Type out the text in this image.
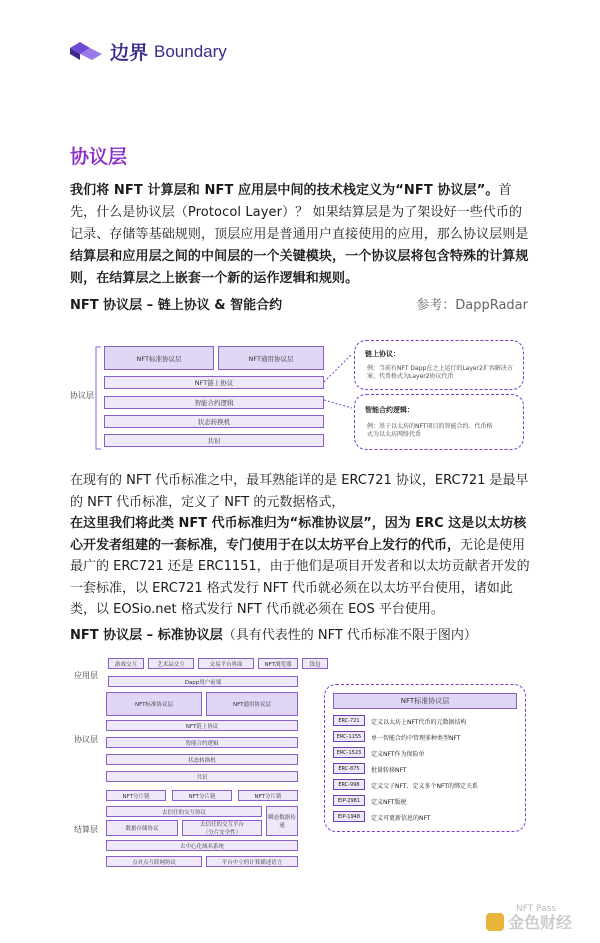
边界 Boundary
协议层
我们将 NFT 计算层和 NFT 应用层中间的技术栈定义为“NFT 协议层”。首先，什么是协议层（Protocol Layer）？ 如果结算层是为了架设好一些代币的记录、存储等基础规则，顶层应用是普通用户直接使用的应用，那么协议层则是结算层和应用层之间的中间层的一个关键模块，一个协议层将包含特殊的计算规则，在结算层之上嵌套一个新的运作逻辑和规则。
NFT 协议层 – 链上协议 & 智能合约	参考：DappRadar
协议层
NFT标准协议层	NFT通用协议层
NFT链上协议
智能合约逻辑
状态转换机
共识
链上协议：
例：当前有NFT Dapp在之上运行的Layer2扩容解决方
案、代币格式为Layer2协议代币
智能合约逻辑：
例：基于以太坊的NFT项目的智能合约。代币格
式为以太坊网络代币
在现有的 NFT 代币标准之中，最耳熟能详的是 ERC721 协议，ERC721 是最早的 NFT 代币标准，定义了 NFT 的元数据格式，
在这里我们将此类 NFT 代币标准归为“标准协议层”，因为 ERC 这是以太坊核心开发者组建的一套标准，专门使用于在以太坊平台上发行的代币，无论是使用最广的 ERC721 还是 ERC1151，由于他们是项目开发者和以太坊贡献者开发的一套标准，以 ERC721 格式发行 NFT 代币就必须在以太坊平台使用，诸如此类，以 EOSio.net 格式发行 NFT 代币就必须在 EOS 平台使用。
NFT 协议层 – 标准协议层（具有代表性的 NFT 代币标准不限于图内）
应用层
协议层
结算层
游戏交互	艺术品交互	交易平台界面	NFT浏览器	钱包
Dapp用户前端
NFT标准协议层	NFT通用协议层
NFT链上协议
智能合约逻辑
状态转换机
共识
NFT分片链	NFT分片链	NFT分片链
去信任的交互协议
数据存储协议
去信任的交互平台
（分片安全性）
瞬态数据传递
去中心化域名系统
NFT标准协议层
ERC-721	定义以太坊上NFT代币的元数据结构
ERC-1155	单一智能合约中管理多种类型NFT
ERC-1523	定义NFT作为保险单
ERC-875	批量转移NFT
ERC-998	定义父子NFT、定义多个NFT的绑定关系
EIP-2981	定义NFT版税
EIP-1948	定义可更新信息的NFT
点对点互联网协议	平台中立的计算描述语言
NFT Pass
金色财经
